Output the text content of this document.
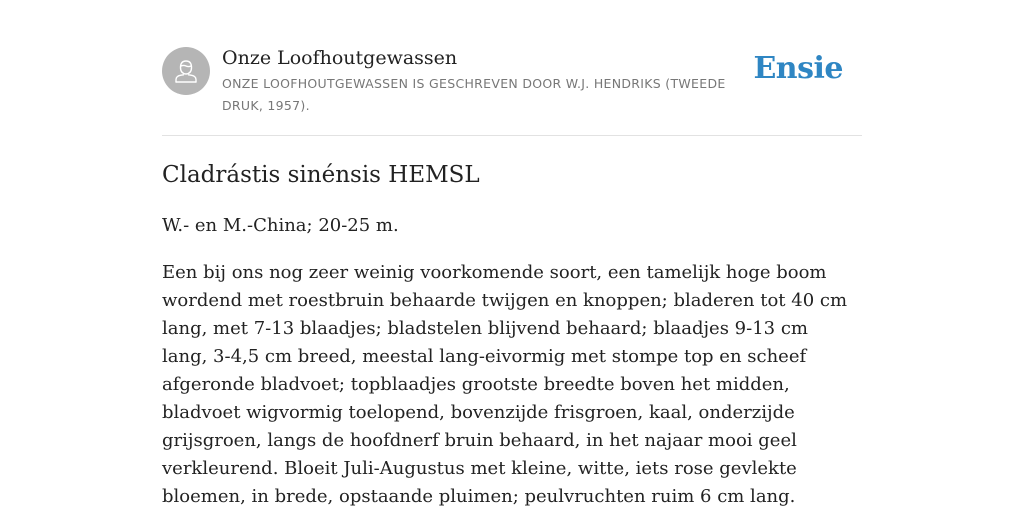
Onze Loofhoutgewassen
ONZE LOOFHOUTGEWASSEN IS GESCHREVEN DOOR W.J. HENDRIKS (TWEEDE DRUK, 1957).
Ensie
Cladrástis sinénsis HEMSL

W.- en M.-China; 20-25 m.

Een bij ons nog zeer weinig voorkomende soort, een tamelijk hoge boom wordend met roestbruin behaarde twijgen en knoppen; bladeren tot 40 cm lang, met 7-13 blaadjes; bladstelen blijvend behaard; blaadjes 9-13 cm lang, 3-4,5 cm breed, meestal lang-eivormig met stompe top en scheef afgeronde bladvoet; topblaadjes grootste breedte boven het midden, bladvoet wigvormig toelopend, bovenzijde frisgroen, kaal, onderzijde grijsgroen, langs de hoofdnerf bruin behaard, in het najaar mooi geel verkleurend. Bloeit Juli-Augustus met kleine, witte, iets rose gevlekte bloemen, in brede, opstaande pluimen; peulvruchten ruim 6 cm lang.
